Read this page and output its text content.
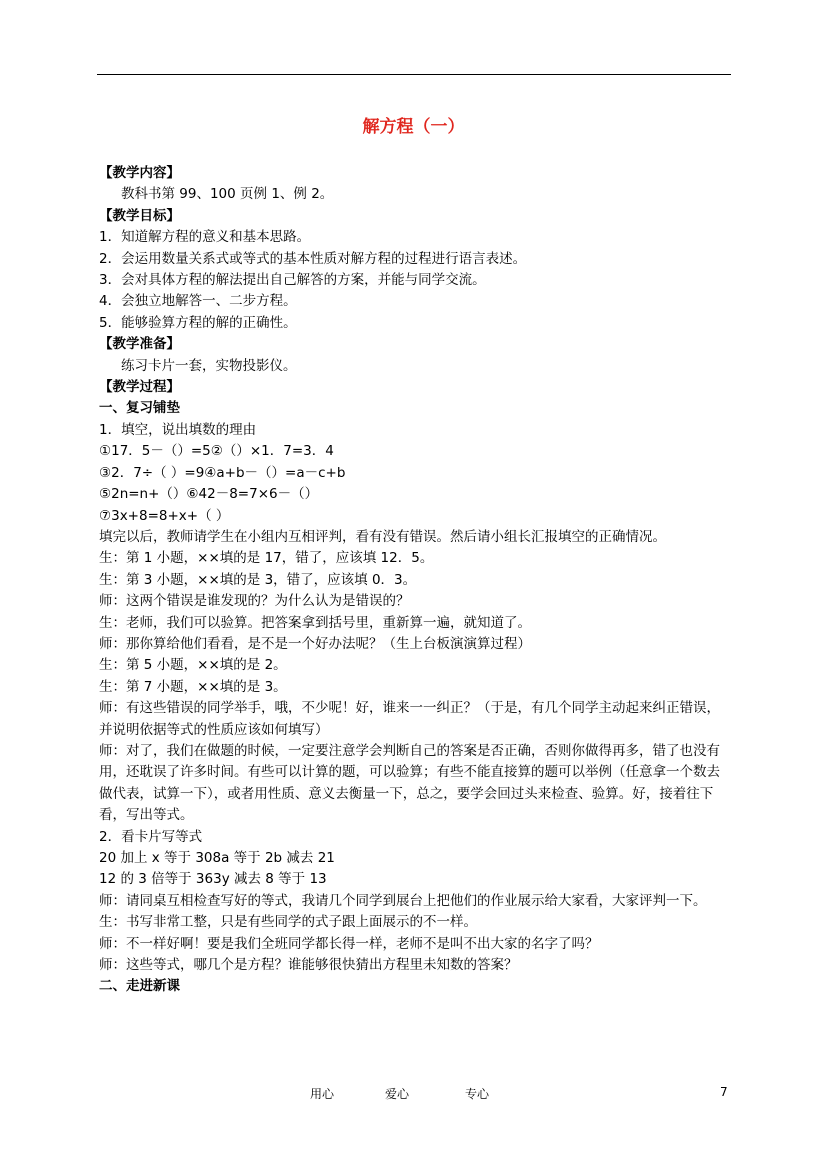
解方程（一）
【教学内容】
教科书第 99、100 页例 1、例 2。
【教学目标】
1．知道解方程的意义和基本思路。
2．会运用数量关系式或等式的基本性质对解方程的过程进行语言表述。
3．会对具体方程的解法提出自己解答的方案，并能与同学交流。
4．会独立地解答一、二步方程。
5．能够验算方程的解的正确性。
【教学准备】
练习卡片一套，实物投影仪。
【教学过程】
一、复习铺垫
1．填空，说出填数的理由
①17．5－（）=5②（）×1．7=3．4
③2．7÷（ ）=9④a+b－（）=a－c+b
⑤2n=n+（）⑥42－8=7×6－（）
⑦3x+8=8+x+（ ）
填完以后，教师请学生在小组内互相评判，看有没有错误。然后请小组长汇报填空的正确情况。
生：第 1 小题，××填的是 17，错了，应该填 12．5。
生：第 3 小题，××填的是 3，错了，应该填 0．3。
师：这两个错误是谁发现的？为什么认为是错误的？
生：老师，我们可以验算。把答案拿到括号里，重新算一遍，就知道了。
师：那你算给他们看看，是不是一个好办法呢？（生上台板演演算过程）
生：第 5 小题，××填的是 2。
生：第 7 小题，××填的是 3。
师：有这些错误的同学举手，哦，不少呢！好，谁来一一纠正？（于是，有几个同学主动起来纠正错误，并说明依据等式的性质应该如何填写）
师：对了，我们在做题的时候，一定要注意学会判断自己的答案是否正确，否则你做得再多，错了也没有用，还耽误了许多时间。有些可以计算的题，可以验算；有些不能直接算的题可以举例（任意拿一个数去做代表，试算一下），或者用性质、意义去衡量一下，总之，要学会回过头来检查、验算。好，接着往下看，写出等式。
2．看卡片写等式
20 加上 x 等于 308a 等于 2b 减去 21
12 的 3 倍等于 363y 减去 8 等于 13
师：请同桌互相检查写好的等式，我请几个同学到展台上把他们的作业展示给大家看，大家评判一下。
生：书写非常工整，只是有些同学的式子跟上面展示的不一样。
师：不一样好啊！要是我们全班同学都长得一样，老师不是叫不出大家的名字了吗？
师：这些等式，哪几个是方程？谁能够很快猜出方程里未知数的答案？
二、走进新课
用心	爱心	专心	7
